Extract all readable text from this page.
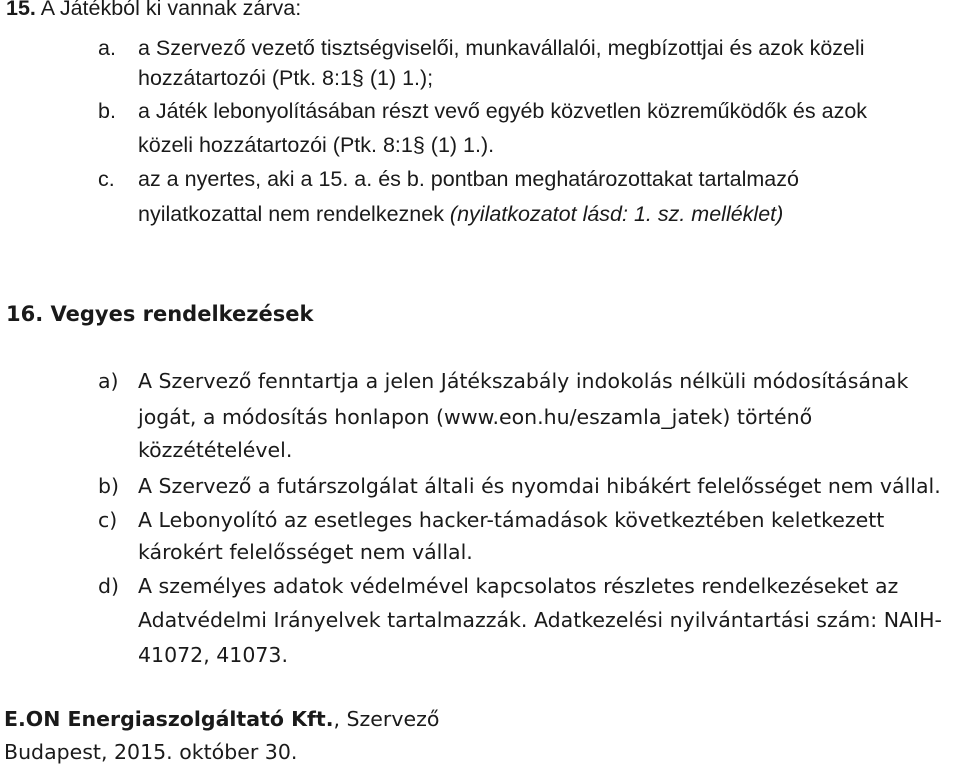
15. A Játékból ki vannak zárva:
a. a Szervező vezető tisztségviselői, munkavállalói, megbízottjai és azok közeli
hozzátartozói (Ptk. 8:1§ (1) 1.);
b. a Játék lebonyolításában részt vevő egyéb közvetlen közreműködők és azok
közeli hozzátartozói (Ptk. 8:1§ (1) 1.).
c. az a nyertes, aki a 15. a. és b. pontban meghatározottakat tartalmazó
nyilatkozattal nem rendelkeznek (nyilatkozatot lásd: 1. sz. melléklet)
16. Vegyes rendelkezések
a) A Szervező fenntartja a jelen Játékszabály indokolás nélküli módosításának
jogát, a módosítás honlapon (www.eon.hu/eszamla_jatek) történő
közzétételével.
b) A Szervező a futárszolgálat általi és nyomdai hibákért felelősséget nem vállal.
c) A Lebonyolító az esetleges hacker-támadások következtében keletkezett
károkért felelősséget nem vállal.
d) A személyes adatok védelmével kapcsolatos részletes rendelkezéseket az
Adatvédelmi Irányelvek tartalmazzák. Adatkezelési nyilvántartási szám: NAIH-
41072, 41073.
E.ON Energiaszolgáltató Kft., Szervező
Budapest, 2015. október 30.
